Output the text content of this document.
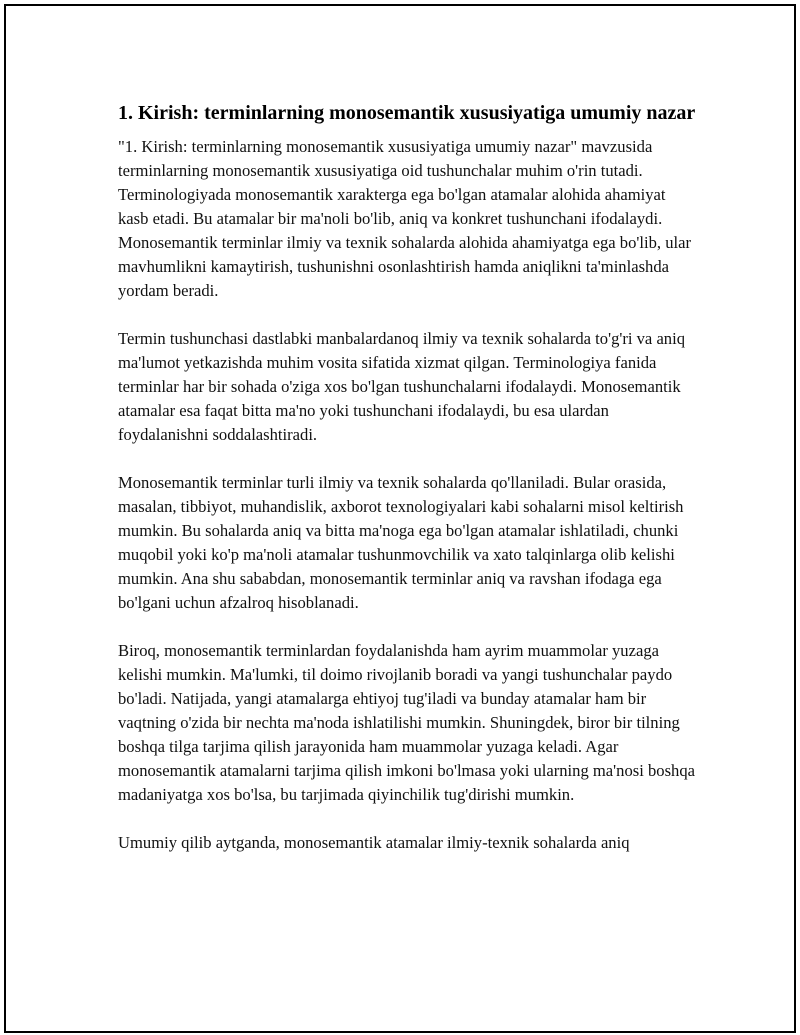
1. Kirish: terminlarning monosemantik xususiyatiga umumiy nazar

"1. Kirish: terminlarning monosemantik xususiyatiga umumiy nazar" mavzusida terminlarning monosemantik xususiyatiga oid tushunchalar muhim o'rin tutadi. Terminologiyada monosemantik xarakterga ega bo'lgan atamalar alohida ahamiyat kasb etadi. Bu atamalar bir ma'noli bo'lib, aniq va konkret tushunchani ifodalaydi. Monosemantik terminlar ilmiy va texnik sohalarda alohida ahamiyatga ega bo'lib, ular mavhumlikni kamaytirish, tushunishni osonlashtirish hamda aniqlikni ta'minlashda yordam beradi.

Termin tushunchasi dastlabki manbalardanoq ilmiy va texnik sohalarda to'g'ri va aniq ma'lumot yetkazishda muhim vosita sifatida xizmat qilgan. Terminologiya fanida terminlar har bir sohada o'ziga xos bo'lgan tushunchalarni ifodalaydi. Monosemantik atamalar esa faqat bitta ma'no yoki tushunchani ifodalaydi, bu esa ulardan foydalanishni soddalashtiradi.

Monosemantik terminlar turli ilmiy va texnik sohalarda qo'llaniladi. Bular orasida, masalan, tibbiyot, muhandislik, axborot texnologiyalari kabi sohalarni misol keltirish mumkin. Bu sohalarda aniq va bitta ma'noga ega bo'lgan atamalar ishlatiladi, chunki muqobil yoki ko'p ma'noli atamalar tushunmovchilik va xato talqinlarga olib kelishi mumkin. Ana shu sababdan, monosemantik terminlar aniq va ravshan ifodaga ega bo'lgani uchun afzalroq hisoblanadi.

Biroq, monosemantik terminlardan foydalanishda ham ayrim muammolar yuzaga kelishi mumkin. Ma'lumki, til doimo rivojlanib boradi va yangi tushunchalar paydo bo'ladi. Natijada, yangi atamalarga ehtiyoj tug'iladi va bunday atamalar ham bir vaqtning o'zida bir nechta ma'noda ishlatilishi mumkin. Shuningdek, biror bir tilning boshqa tilga tarjima qilish jarayonida ham muammolar yuzaga keladi. Agar monosemantik atamalarni tarjima qilish imkoni bo'lmasa yoki ularning ma'nosi boshqa madaniyatga xos bo'lsa, bu tarjimada qiyinchilik tug'dirishi mumkin.

Umumiy qilib aytganda, monosemantik atamalar ilmiy-texnik sohalarda aniq
